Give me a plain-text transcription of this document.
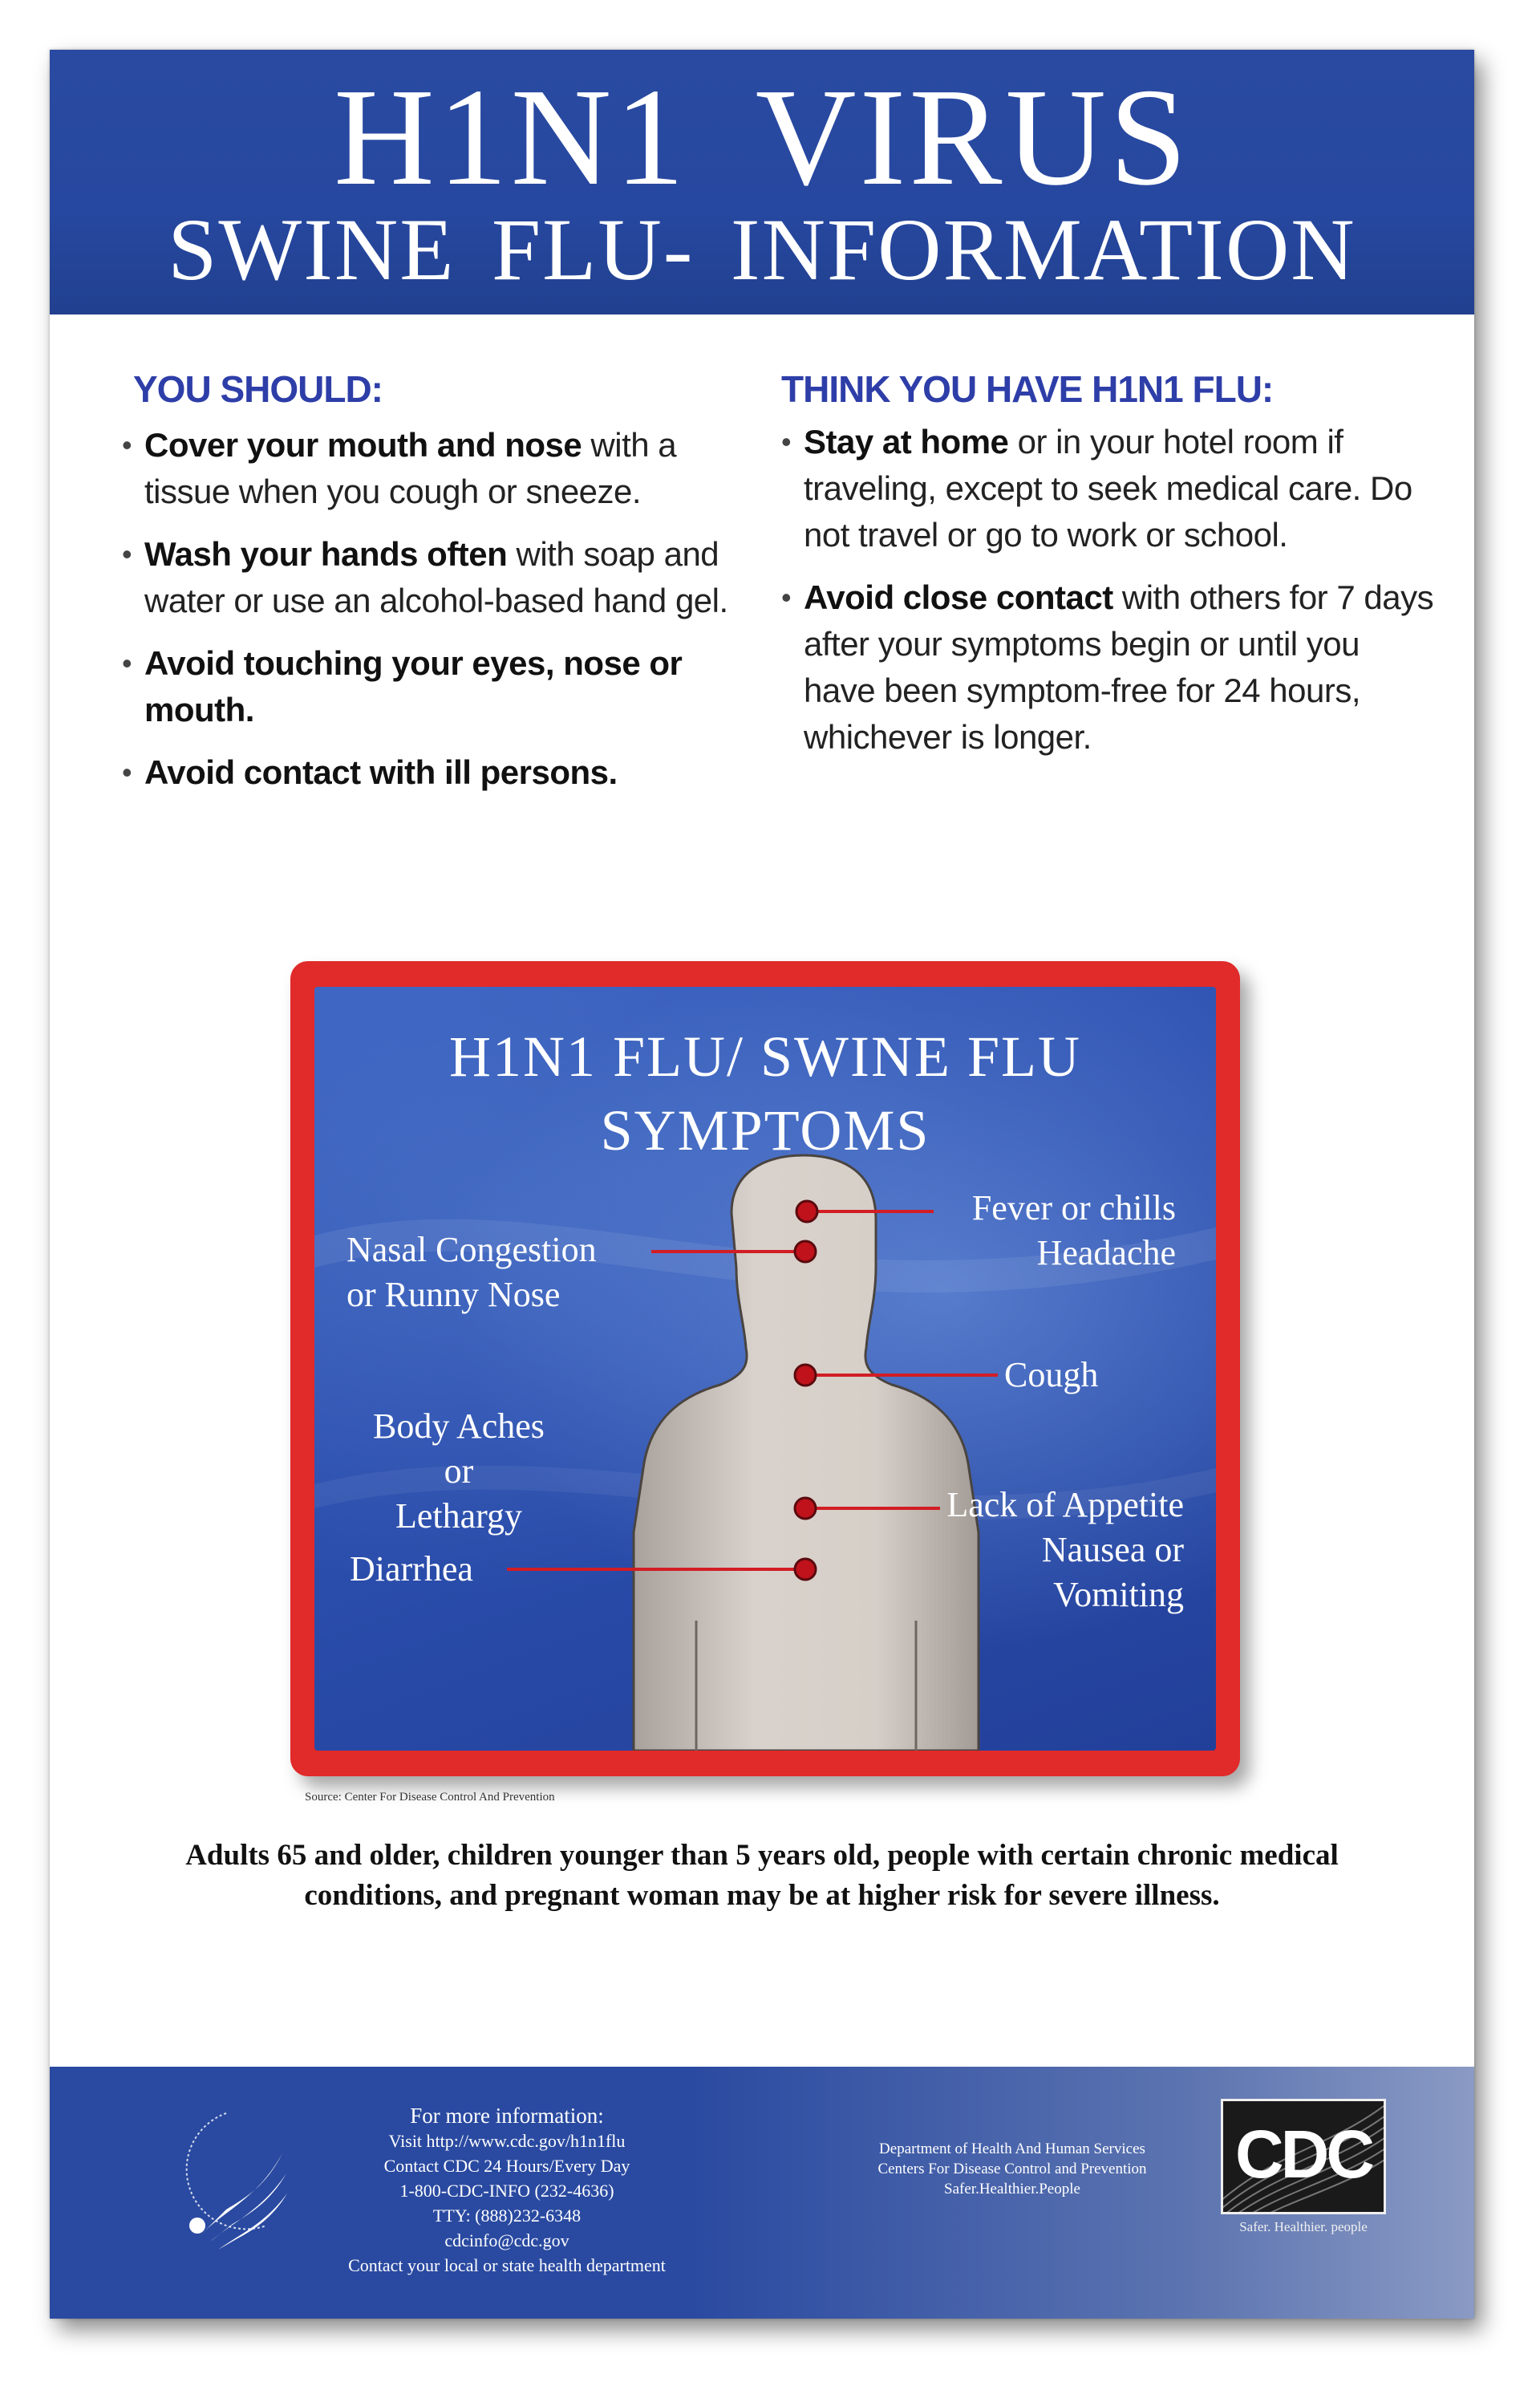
H1N1 VIRUS
SWINE FLU- INFORMATION
YOU SHOULD:
• Cover your mouth and nose with a tissue when you cough or sneeze.
• Wash your hands often with soap and water or use an alcohol-based hand gel.
• Avoid touching your eyes, nose or mouth.
• Avoid contact with ill persons.
THINK YOU HAVE H1N1 FLU:
• Stay at home or in your hotel room if traveling, except to seek medical care. Do not travel or go to work or school.
• Avoid close contact with others for 7 days after your symptoms begin or until you have been symptom-free for 24 hours, whichever is longer.
H1N1 FLU/ SWINE FLU
SYMPTOMS
Fever or chills
Headache
Nasal Congestion
or Runny Nose
Body Aches
or
Lethargy
Cough
Lack of Appetite
Nausea or
Vomiting
Diarrhea
Source: Center For Disease Control And Prevention
Adults 65 and older, children younger than 5 years old, people with certain chronic medical conditions, and pregnant woman may be at higher risk for severe illness.
For more information:
Visit http://www.cdc.gov/h1n1flu
Contact CDC 24 Hours/Every Day
1-800-CDC-INFO (232-4636)
TTY: (888)232-6348
cdcinfo@cdc.gov
Contact your local or state health department
Department of Health And Human Services
Centers For Disease Control and Prevention
Safer.Healthier.People	CDC
Safer. Healthier. people
